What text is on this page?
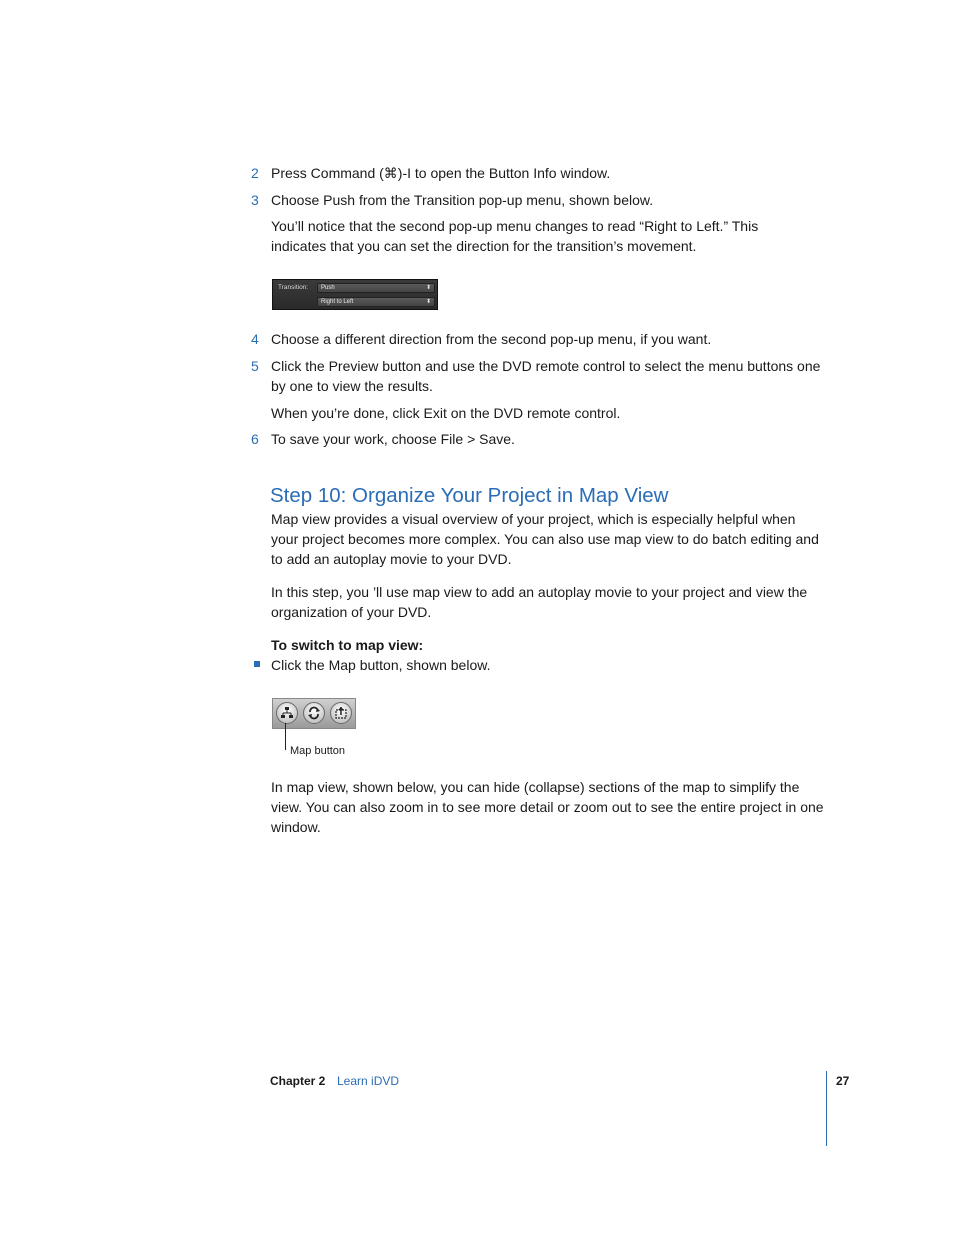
2 Press Command (⌘)-I to open the Button Info window.

3 Choose Push from the Transition pop-up menu, shown below.

You’ll notice that the second pop-up menu changes to read “Right to Left.” This indicates that you can set the direction for the transition’s movement.

Transition:	Push	⬍
Right to Left	⬍
4 Choose a different direction from the second pop-up menu, if you want.

5 Click the Preview button and use the DVD remote control to select the menu buttons one by one to view the results.

When you’re done, click Exit on the DVD remote control.

6 To save your work, choose File > Save.

Step 10: Organize Your Project in Map View

Map view provides a visual overview of your project, which is especially helpful when your project becomes more complex. You can also use map view to do batch editing and to add an autoplay movie to your DVD.

In this step, you ’ll use map view to add an autoplay movie to your project and view the organization of your DVD.

To switch to map view:

Click the Map button, shown below.

Map button

In map view, shown below, you can hide (collapse) sections of the map to simplify the view. You can also zoom in to see more detail or zoom out to see the entire project in one window.

Chapter 2 Learn iDVD	27
